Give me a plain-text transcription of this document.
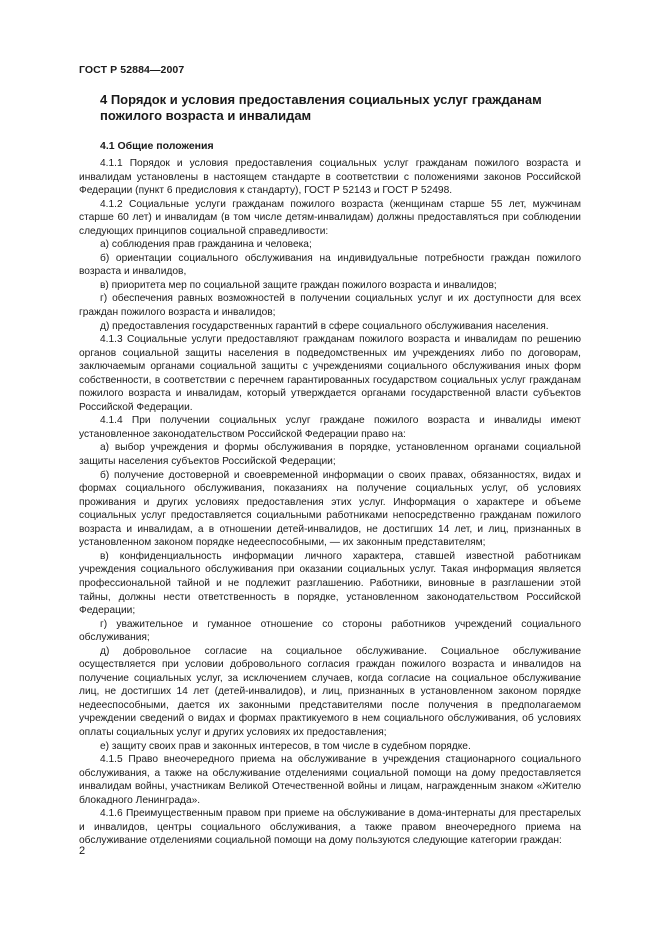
ГОСТ Р 52884—2007
4 Порядок и условия предоставления социальных услуг гражданам пожилого возраста и инвалидам
4.1 Общие положения

4.1.1 Порядок и условия предоставления социальных услуг гражданам пожилого возраста и инвалидам установлены в настоящем стандарте в соответствии с положениями законов Российской Федерации (пункт 6 предисловия к стандарту), ГОСТ Р 52143 и ГОСТ Р 52498.

4.1.2 Социальные услуги гражданам пожилого возраста (женщинам старше 55 лет, мужчинам старше 60 лет) и инвалидам (в том числе детям-инвалидам) должны предоставляться при соблюдении следующих принципов социальной справедливости:

а) соблюдения прав гражданина и человека;

б) ориентации социального обслуживания на индивидуальные потребности граждан пожилого возраста и инвалидов,

в) приоритета мер по социальной защите граждан пожилого возраста и инвалидов;

г) обеспечения равных возможностей в получении социальных услуг и их доступности для всех граждан пожилого возраста и инвалидов;

д) предоставления государственных гарантий в сфере социального обслуживания населения.

4.1.3 Социальные услуги предоставляют гражданам пожилого возраста и инвалидам по решению органов социальной защиты населения в подведомственных им учреждениях либо по договорам, заключаемым органами социальной защиты с учреждениями социального обслуживания иных форм собственности, в соответствии с перечнем гарантированных государством социальных услуг гражданам пожилого возраста и инвалидам, который утверждается органами государственной власти субъектов Российской Федерации.

4.1.4 При получении социальных услуг граждане пожилого возраста и инвалиды имеют установленное законодательством Российской Федерации право на:

а) выбор учреждения и формы обслуживания в порядке, установленном органами социальной защиты населения субъектов Российской Федерации;

б) получение достоверной и своевременной информации о своих правах, обязанностях, видах и формах социального обслуживания, показаниях на получение социальных услуг, об условиях проживания и других условиях предоставления этих услуг. Информация о характере и объеме социальных услуг предоставляется социальными работниками непосредственно гражданам пожилого возраста и инвалидам, а в отношении детей-инвалидов, не достигших 14 лет, и лиц, признанных в установленном законом порядке недееспособными, — их законным представителям;

в) конфиденциальность информации личного характера, ставшей известной работникам учреждения социального обслуживания при оказании социальных услуг. Такая информация является профессиональной тайной и не подлежит разглашению. Работники, виновные в разглашении этой тайны, должны нести ответственность в порядке, установленном законодательством Российской Федерации;

г) уважительное и гуманное отношение со стороны работников учреждений социального обслуживания;

д) добровольное согласие на социальное обслуживание. Социальное обслуживание осуществляется при условии добровольного согласия граждан пожилого возраста и инвалидов на получение социальных услуг, за исключением случаев, когда согласие на социальное обслуживание лиц, не достигших 14 лет (детей-инвалидов), и лиц, признанных в установленном законом порядке недееспособными, дается их законными представителями после получения в предполагаемом учреждении сведений о видах и формах практикуемого в нем социального обслуживания, об условиях оплаты социальных услуг и других условиях их предоставления;

е) защиту своих прав и законных интересов, в том числе в судебном порядке.

4.1.5 Право внеочередного приема на обслуживание в учреждения стационарного социального обслуживания, а также на обслуживание отделениями социальной помощи на дому предоставляется инвалидам войны, участникам Великой Отечественной войны и лицам, награжденным знаком «Жителю блокадного Ленинграда».

4.1.6 Преимущественным правом при приеме на обслуживание в дома-интернаты для престарелых и инвалидов, центры социального обслуживания, а также правом внеочередного приема на обслуживание отделениями социальной помощи на дому пользуются следующие категории граждан:

2
